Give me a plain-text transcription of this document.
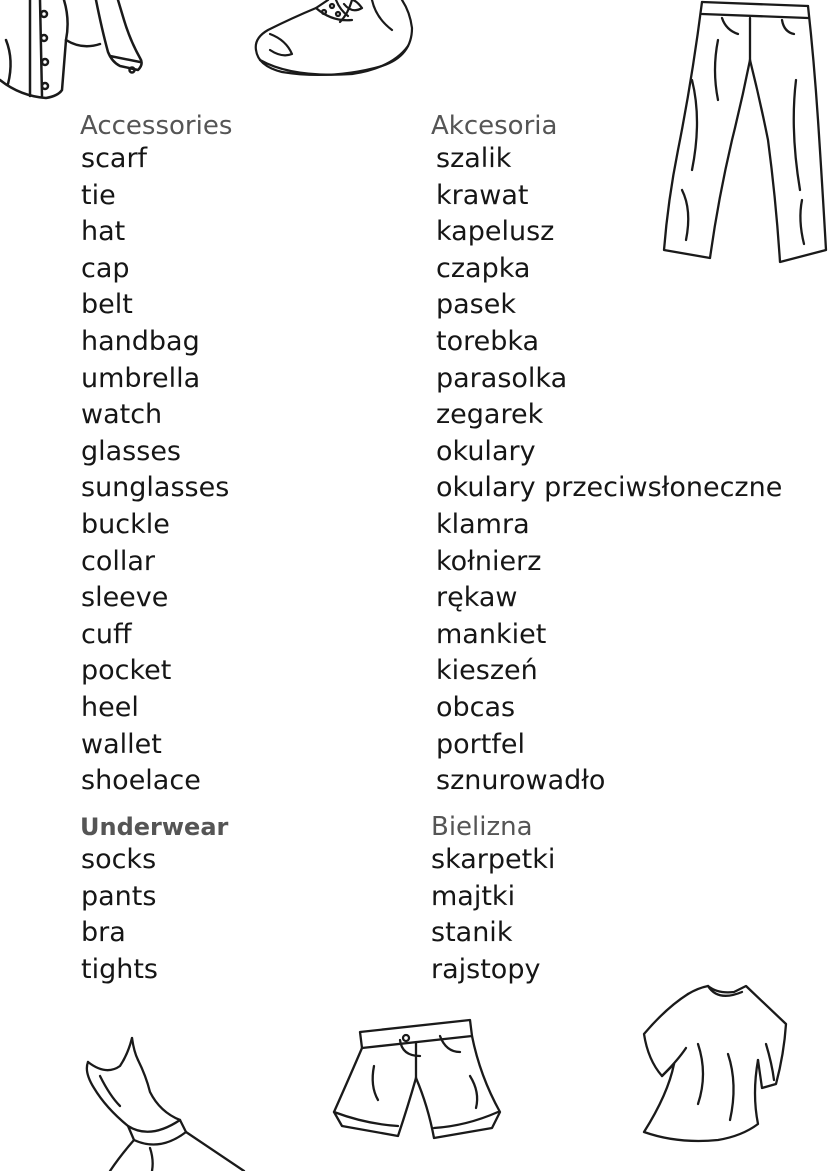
Accessories
scarf
tie
hat
cap
belt
handbag
umbrella
watch
glasses
sunglasses
buckle
collar
sleeve
cuff
pocket
heel
wallet
shoelace
Akcesoria
szalik
krawat
kapelusz
czapka
pasek
torebka
parasolka
zegarek
okulary
okulary przeciwsłoneczne
klamra
kołnierz
rękaw
mankiet
kieszeń
obcas
portfel
sznurowadło
Underwear
socks
pants
bra
tights
Bielizna
skarpetki
majtki
stanik
rajstopy
